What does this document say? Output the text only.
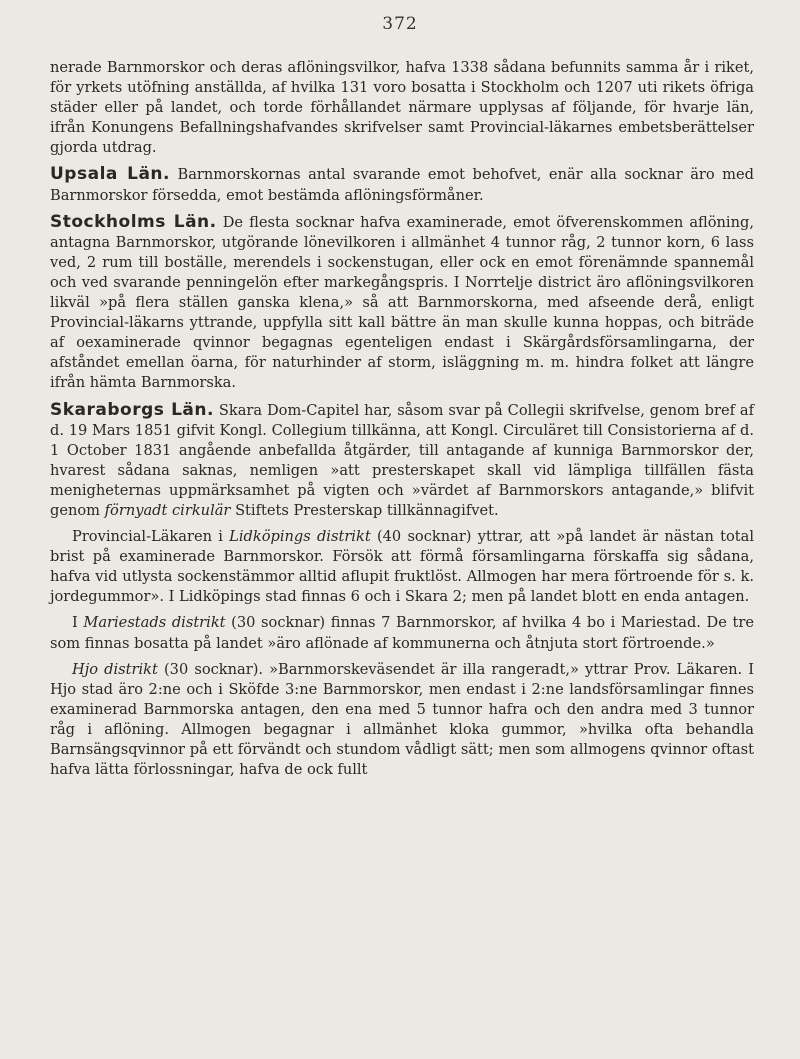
372

nerade Barnmorskor och deras aflöningsvilkor, hafva 1338 sådana befunnits samma år i riket, för yrkets utöfning anställda, af hvilka 131 voro bosatta i Stockholm och 1207 uti rikets öfriga städer eller på landet, och torde förhållandet närmare upplysas af följande, för hvarje län, ifrån Konungens Befallningshafvandes skrifvelser samt Provincial-läkarnes embetsberättelser gjorda utdrag.

Upsala Län. Barnmorskornas antal svarande emot behofvet, enär alla socknar äro med Barnmorskor försedda, emot bestämda aflöningsförmåner.

Stockholms Län. De flesta socknar hafva examinerade, emot öfverenskommen aflöning, antagna Barnmorskor, utgörande lönevilkoren i allmänhet 4 tunnor råg, 2 tunnor korn, 6 lass ved, 2 rum till boställe, merendels i sockenstugan, eller ock en emot förenämnde spannemål och ved svarande penningelön efter markegångspris. I Norrtelje district äro aflöningsvilkoren likväl »på flera ställen ganska klena,» så att Barnmorskorna, med afseende derå, enligt Provincial-läkarns yttrande, uppfylla sitt kall bättre än man skulle kunna hoppas, och biträde af oexaminerade qvinnor begagnas egenteligen endast i Skärgårdsförsamlingarna, der afståndet emellan öarna, för naturhinder af storm, isläggning m. m. hindra folket att längre ifrån hämta Barnmorska.

Skaraborgs Län. Skara Dom-Capitel har, såsom svar på Collegii skrifvelse, genom bref af d. 19 Mars 1851 gifvit Kongl. Collegium tillkänna, att Kongl. Circuläret till Consistorierna af d. 1 October 1831 angående anbefallda åtgärder, till antagande af kunniga Barnmorskor der, hvarest sådana saknas, nemligen »att presterskapet skall vid lämpliga tillfällen fästa menigheternas uppmärksamhet på vigten och »värdet af Barnmorskors antagande,» blifvit genom förnyadt cirkulär Stiftets Presterskap tillkännagifvet.

Provincial-Läkaren i Lidköpings distrikt (40 socknar) yttrar, att »på landet är nästan total brist på examinerade Barnmorskor. Försök att förmå församlingarna förskaffa sig sådana, hafva vid utlysta sockenstämmor alltid aflupit fruktlöst. Allmogen har mera förtroende för s. k. jordegummor». I Lidköpings stad finnas 6 och i Skara 2; men på landet blott en enda antagen.

I Mariestads distrikt (30 socknar) finnas 7 Barnmorskor, af hvilka 4 bo i Mariestad. De tre som finnas bosatta på landet »äro aflönade af kommunerna och åtnjuta stort förtroende.»

Hjo distrikt (30 socknar). »Barnmorskeväsendet är illa rangeradt,» yttrar Prov. Läkaren. I Hjo stad äro 2:ne och i Sköfde 3:ne Barnmorskor, men endast i 2:ne landsförsamlingar finnes examinerad Barnmorska antagen, den ena med 5 tunnor hafra och den andra med 3 tunnor råg i aflöning. Allmogen begagnar i allmänhet kloka gummor, »hvilka ofta behandla Barnsängsqvinnor på ett förvändt och stundom vådligt sätt; men som allmogens qvinnor oftast hafva lätta förlossningar, hafva de ock fullt
